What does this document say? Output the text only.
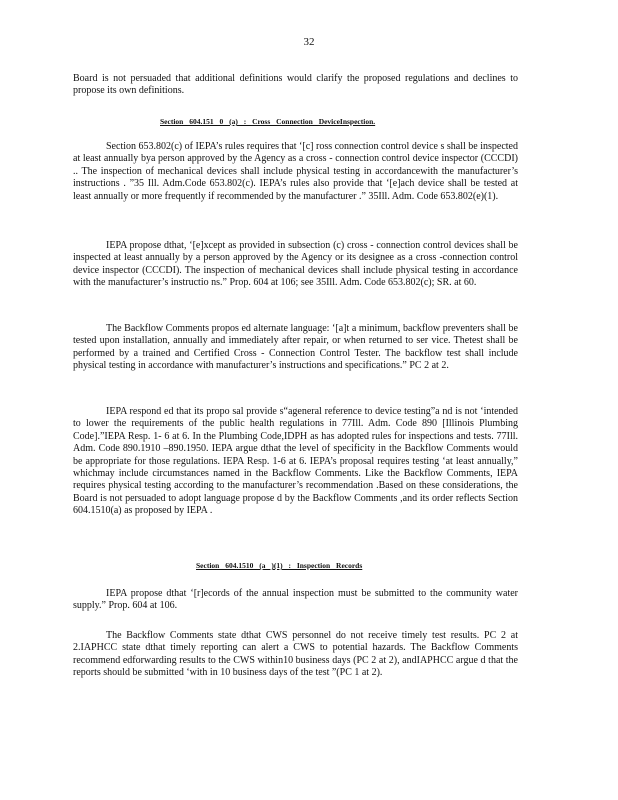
32
Board is not persuaded that additional definitions would clarify the proposed regulations and declines to propose its own definitions.
Section 604.151 0 (a) : Cross Connection DeviceInspection.
Section 653.802(c) of IEPA’s rules requires that ‘[c] ross connection control device s shall be inspected at least annually bya person approved by the Agency as a cross - connection control device inspector (CCCDI) .. The inspection of mechanical devices shall include physical testing in accordancewith the manufacturer’s instructions . ”35 Ill. Adm.Code 653.802(c). IEPA’s rules also provide that ‘[e]ach device shall be tested at least annually or more frequently if recommended by the manufacturer .” 35Ill. Adm. Code 653.802(e)(1).
IEPA propose dthat, ‘[e]xcept as provided in subsection (c) cross - connection control devices shall be inspected at least annually by a person approved by the Agency or its designee as a cross -connection control device inspector (CCCDI). The inspection of mechanical devices shall include physical testing in accordance with the manufacturer’s instructio ns.” Prop. 604 at 106; see 35Ill. Adm. Code 653.802(c); SR. at 60.
The Backflow Comments propos ed alternate language: ‘[a]t a minimum, backflow preventers shall be tested upon installation, annually and immediately after repair, or when returned to ser vice. Thetest shall be performed by a trained and Certified Cross - Connection Control Tester. The backflow test shall include physical testing in accordance with manufacturer’s instructions and specifications.” PC 2 at 2.
IEPA respond ed that its propo sal provide s“ageneral reference to device testing”a nd is not ‘intended to lower the requirements of the public health regulations in 77Ill. Adm. Code 890 [Illinois Plumbing Code].”IEPA Resp. 1- 6 at 6. In the Plumbing Code,IDPH as has adopted rules for inspections and tests. 77Ill. Adm. Code 890.1910 –890.1950. IEPA argue dthat the level of specificity in the Backflow Comments would be appropriate for those regulations. IEPA Resp. 1-6 at 6. IEPA’s proposal requires testing ‘at least annually,” whichmay include circumstances named in the Backflow Comments. Like the Backflow Comments, IEPA requires physical testing according to the manufacturer’s recommendation .Based on these considerations, the Board is not persuaded to adopt language propose d by the Backflow Comments ,and its order reflects Section 604.1510(a) as proposed by IEPA .
Section 604.1510 (a )(1) : Inspection Records
IEPA propose dthat ‘[r]ecords of the annual inspection must be submitted to the community water supply.” Prop. 604 at 106.
The Backflow Comments state dthat CWS personnel do not receive timely test results. PC 2 at 2.IAPHCC state dthat timely reporting can alert a CWS to potential hazards. The Backflow Comments recommend edforwarding results to the CWS within10 business days (PC 2 at 2), andIAPHCC argue d that the reports should be submitted ‘with in 10 business days of the test ”(PC 1 at 2).
